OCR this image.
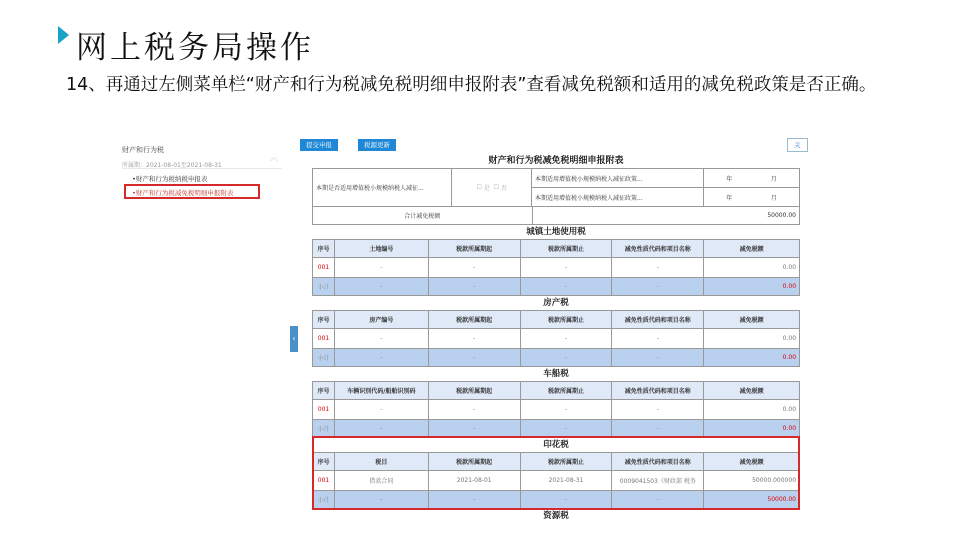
网上税务局操作
14、再通过左侧菜单栏“财产和行为税减免税明细申报附表”查看减免税额和适用的减免税政策是否正确。
财产和行为税
︿
所属期：2021-08-01至2021-08-31
•财产和行为税纳税申报表
•财产和行为税减免税明细申报附表
‹
提交申报	税源更新	关
财产和行为税减免税明细申报附表
本期是否适用增值税小规模纳税人减征...	☐
是
☐
否
本期适用增值税小规模纳税人减征政策...	年	月
本期适用增值税小规模纳税人减征政策...	年	月
合计减免税额	50000.00
城镇土地使用税
序号	土地编号	税款所属期起	税款所属期止	减免性质代码和项目名称	减免税额
001	-	-	-	-	0.00
小计	-	-	-	-	0.00
房产税
序号	房产编号	税款所属期起	税款所属期止	减免性质代码和项目名称	减免税额
001	-	-	-	-	0.00
小计	-	-	-	-	0.00
车船税
序号	车辆识别代码/船舶识别码	税款所属期起	税款所属期止	减免性质代码和项目名称	减免税额
001	-	-	-	-	0.00
小计	-	-	-	-	0.00
印花税
序号	税目	税款所属期起	税款所属期止	减免性质代码和项目名称	减免税额
001	借款合同	2021-08-01	2021-08-31	0009041503《财政部 税务	50000.000000
小计	-	-	-	-	50000.00
资源税
